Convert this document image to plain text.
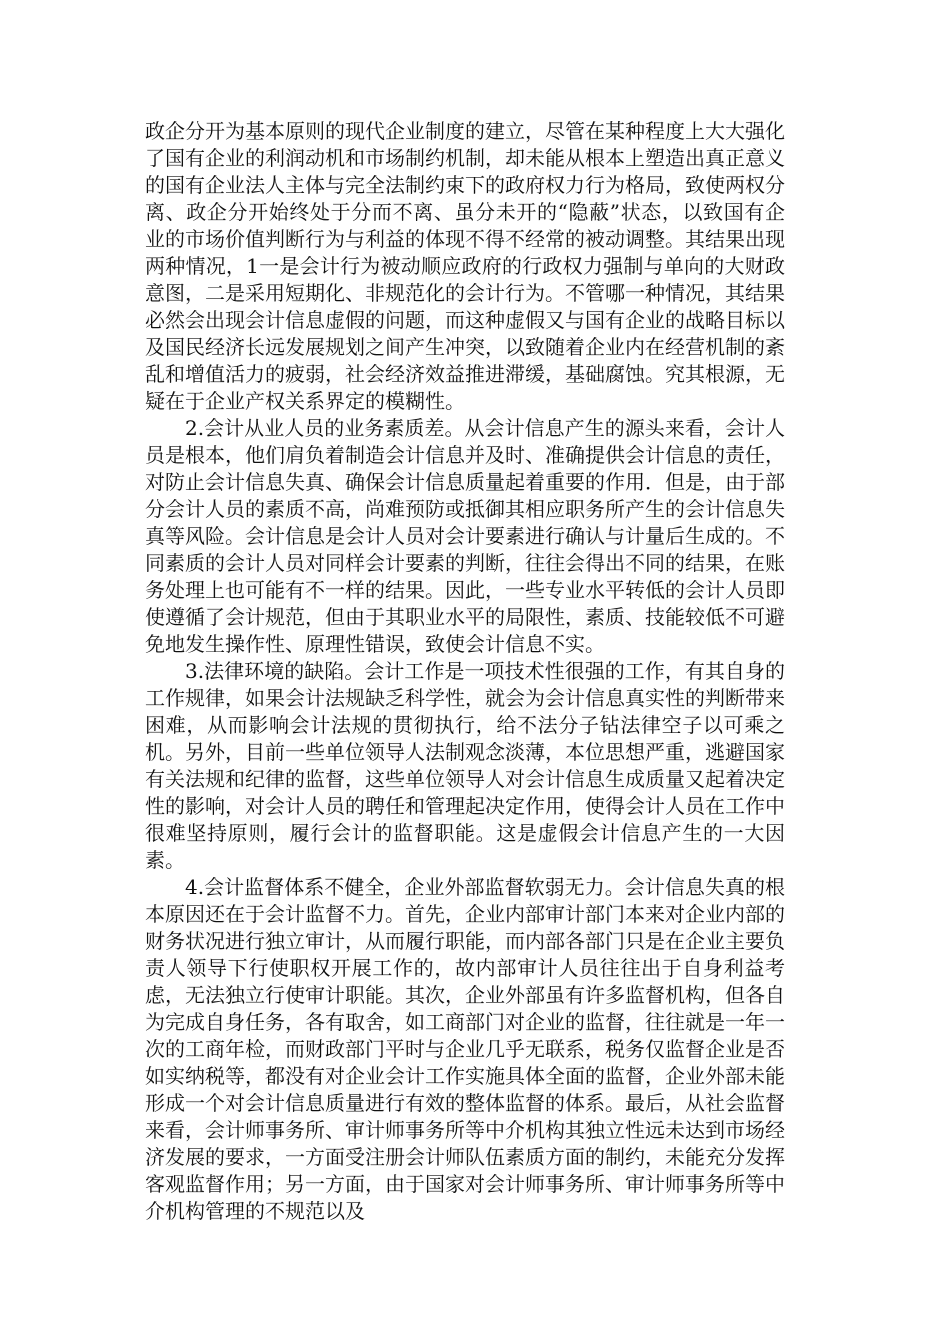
政企分开为基本原则的现代企业制度的建立，尽管在某种程度上大大强化了国有企业的利润动机和市场制约机制，却未能从根本上塑造出真正意义的国有企业法人主体与完全法制约束下的政府权力行为格局，致使两权分离、政企分开始终处于分而不离、虽分未开的“隐蔽”状态，以致国有企业的市场价值判断行为与利益的体现不得不经常的被动调整。其结果出现两种情况，1一是会计行为被动顺应政府的行政权力强制与单向的大财政意图，二是采用短期化、非规范化的会计行为。不管哪一种情况，其结果必然会出现会计信息虚假的问题，而这种虚假又与国有企业的战略目标以及国民经济长远发展规划之间产生冲突，以致随着企业内在经营机制的紊乱和增值活力的疲弱，社会经济效益推进滞缓，基础腐蚀。究其根源，无疑在于企业产权关系界定的模糊性。

2.会计从业人员的业务素质差。从会计信息产生的源头来看，会计人员是根本，他们肩负着制造会计信息并及时、准确提供会计信息的责任，对防止会计信息失真、确保会计信息质量起着重要的作用．但是，由于部分会计人员的素质不高，尚难预防或抵御其相应职务所产生的会计信息失真等风险。会计信息是会计人员对会计要素进行确认与计量后生成的。不同素质的会计人员对同样会计要素的判断，往往会得出不同的结果，在账务处理上也可能有不一样的结果。因此，一些专业水平转低的会计人员即使遵循了会计规范，但由于其职业水平的局限性，素质、技能较低不可避免地发生操作性、原理性错误，致使会计信息不实。

3.法律环境的缺陷。会计工作是一项技术性很强的工作，有其自身的工作规律，如果会计法规缺乏科学性，就会为会计信息真实性的判断带来困难，从而影响会计法规的贯彻执行，给不法分子钻法律空子以可乘之机。另外，目前一些单位领导人法制观念淡薄，本位思想严重，逃避国家有关法规和纪律的监督，这些单位领导人对会计信息生成质量又起着决定性的影响，对会计人员的聘任和管理起决定作用，使得会计人员在工作中很难坚持原则，履行会计的监督职能。这是虚假会计信息产生的一大因素。

4.会计监督体系不健全，企业外部监督软弱无力。会计信息失真的根本原因还在于会计监督不力。首先，企业内部审计部门本来对企业内部的财务状况进行独立审计，从而履行职能，而内部各部门只是在企业主要负责人领导下行使职权开展工作的，故内部审计人员往往出于自身利益考虑，无法独立行使审计职能。其次，企业外部虽有许多监督机构，但各自为完成自身任务，各有取舍，如工商部门对企业的监督，往往就是一年一次的工商年检，而财政部门平时与企业几乎无联系，税务仅监督企业是否如实纳税等，都没有对企业会计工作实施具体全面的监督，企业外部未能形成一个对会计信息质量进行有效的整体监督的体系。最后，从社会监督来看，会计师事务所、审计师事务所等中介机构其独立性远未达到市场经济发展的要求，一方面受注册会计师队伍素质方面的制约，未能充分发挥客观监督作用；另一方面，由于国家对会计师事务所、审计师事务所等中介机构管理的不规范以及
